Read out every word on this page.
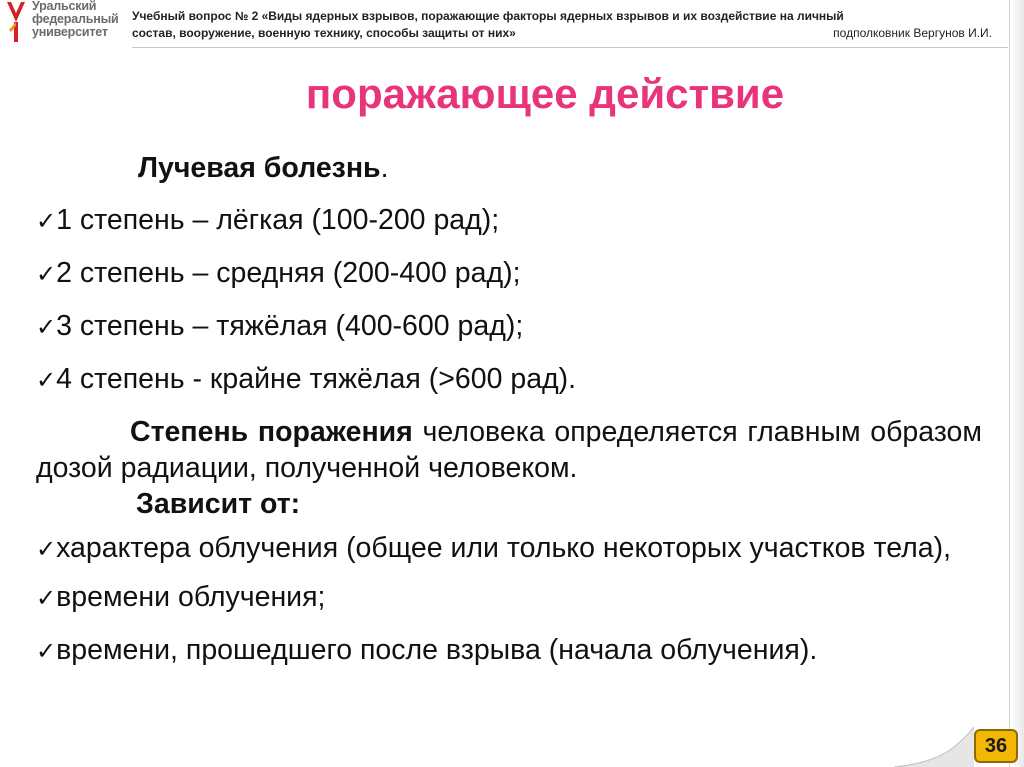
Уральский
федеральный
университет
Учебный вопрос № 2 «Виды ядерных взрывов, поражающие факторы ядерных взрывов и их воздействие на личный
состав, вооружение, военную технику, способы защиты от них»	подполковник Вергунов И.И.
поражающее действие
Лучевая болезнь.
✓1 степень – лёгкая (100-200 рад);
✓2 степень – средняя (200-400 рад);
✓3 степень – тяжёлая (400-600 рад);
✓4 степень - крайне тяжёлая (>600 рад).
Степень поражения человека определяется главным образом дозой радиации, полученной человеком.
Зависит от:
✓характера облучения (общее или только некоторых участков тела),
✓времени облучения;
✓времени, прошедшего после взрыва (начала облучения).
36
